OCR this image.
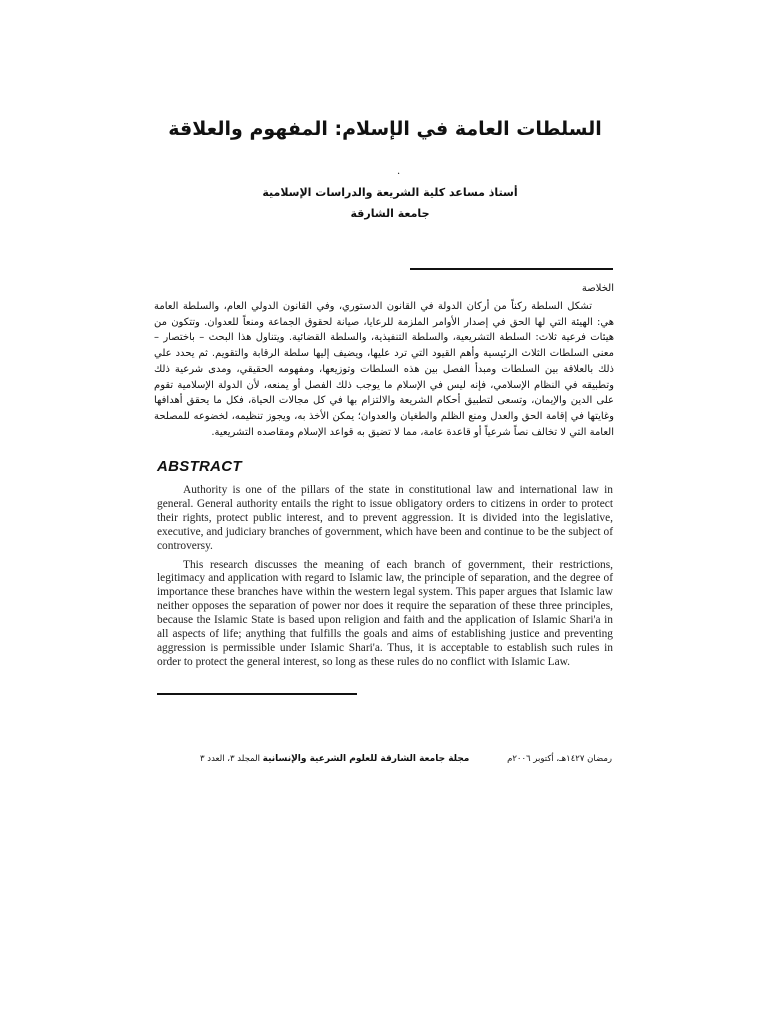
السلطات العامة في الإسلام: المفهوم والعلاقة
.
أستاذ مساعد كلية الشريعة والدراسات الإسلامية
جامعة الشارقة
الخلاصة

تشكل السلطة ركناً من أركان الدولة في القانون الدستوري، وفي القانون الدولي العام، والسلطة العامة هي: الهيئة التي لها الحق في إصدار الأوامر الملزمة للرعايا، صيانة لحقوق الجماعة ومنعاً للعدوان. وتتكون من هيئات فرعية ثلاث: السلطة التشريعية، والسلطة التنفيذية، والسلطة القضائية. ويتناول هذا البحث – باختصار – معنى السلطات الثلاث الرئيسية وأهم القيود التي ترد عليها، ويضيف إليها سلطة الرقابة والتقويم. ثم يحدد علي ذلك بالعلاقة بين السلطات ومبدأ الفصل بين هذه السلطات وتوزيعها، ومفهومه الحقيقي، ومدى شرعية ذلك وتطبيقه في النظام الإسلامي، فإنه ليس في الإسلام ما يوجب ذلك الفصل أو يمنعه، لأن الدولة الإسلامية تقوم على الدين والإيمان، وتسعى لتطبيق أحكام الشريعة والالتزام بها في كل مجالات الحياة، فكل ما يحقق أهدافها وغايتها في إقامة الحق والعدل ومنع الظلم والطغيان والعدوان؛ يمكن الأخذ به، ويجوز تنظيمه، لخضوعه للمصلحة العامة التي لا تخالف نصاً شرعياً أو قاعدة عامة، مما لا تضيق به قواعد الإسلام ومقاصده التشريعية.

ABSTRACT

Authority is one of the pillars of the state in constitutional law and international law in general. General authority entails the right to issue obligatory orders to citizens in order to protect their rights, protect public interest, and to prevent aggression. It is divided into the legislative, executive, and judiciary branches of government, which have been and continue to be the subject of controversy.

This research discusses the meaning of each branch of government, their restrictions, legitimacy and application with regard to Islamic law, the principle of separation, and the degree of importance these branches have within the western legal system. This paper argues that Islamic law neither opposes the separation of power nor does it require the separation of these three principles, because the Islamic State is based upon religion and faith and the application of Islamic Shari'a in all aspects of life; anything that fulfills the goals and aims of establishing justice and preventing aggression is permissible under Islamic Shari'a. Thus, it is acceptable to establish such rules in order to protect the general interest, so long as these rules do no conflict with Islamic Law.

رمضان ١٤٢٧هـ، أكتوبر ٢٠٠٦م
مجلة جامعة الشارقة للعلوم الشرعية والإنسانية المجلد ٣، العدد ٣
